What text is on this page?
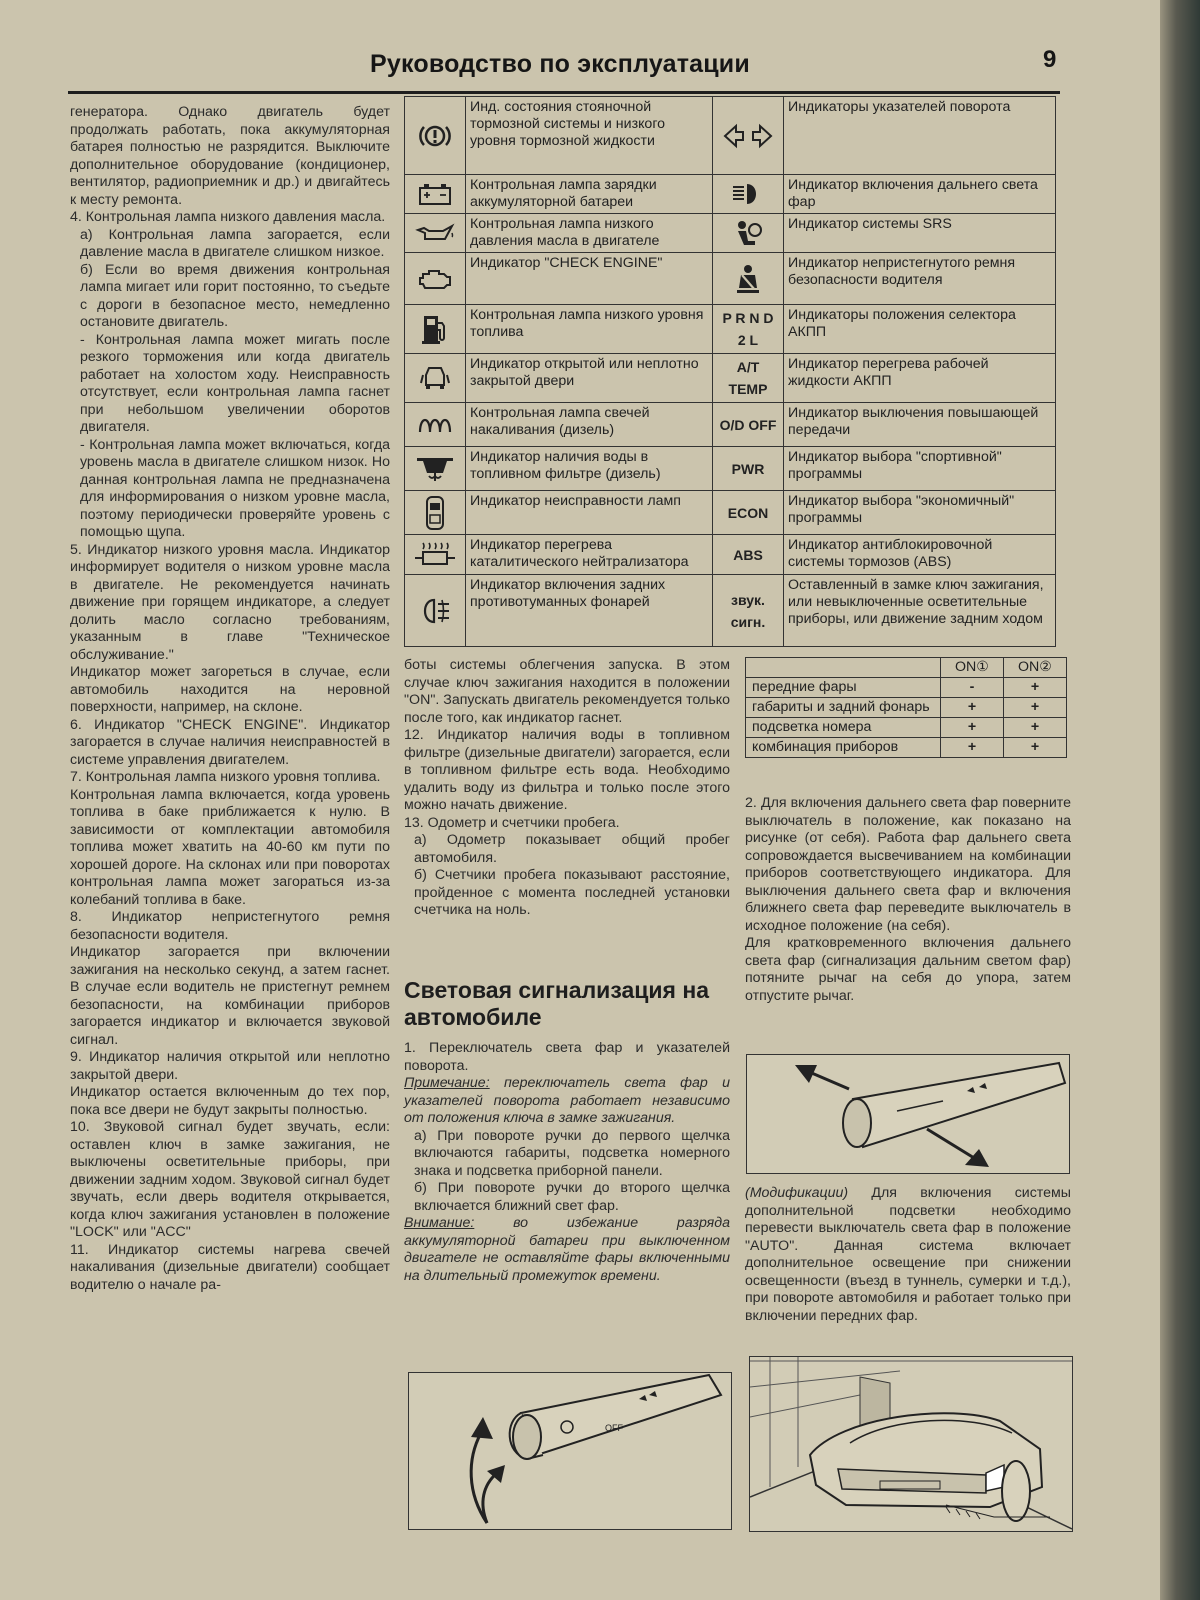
Руководство по эксплуатации	9

генератора. Однако двигатель будет продолжать работать, пока аккумуляторная батарея полностью не разрядится. Выключите дополнительное оборудование (кондиционер, вентилятор, радиоприемник и др.) и двигайтесь к месту ремонта.

4. Контрольная лампа низкого давления масла.

а) Контрольная лампа загорается, если давление масла в двигателе слишком низкое.

б) Если во время движения контрольная лампа мигает или горит постоянно, то съедьте с дороги в безопасное место, немедленно остановите двигатель.

- Контрольная лампа может мигать после резкого торможения или когда двигатель работает на холостом ходу. Неисправность отсутствует, если контрольная лампа гаснет при небольшом увеличении оборотов двигателя.

- Контрольная лампа может включаться, когда уровень масла в двигателе слишком низок. Но данная контрольная лампа не предназначена для информирования о низком уровне масла, поэтому периодически проверяйте уровень с помощью щупа.

5. Индикатор низкого уровня масла. Индикатор информирует водителя о низком уровне масла в двигателе. Не рекомендуется начинать движение при горящем индикаторе, а следует долить масло согласно требованиям, указанным в главе "Техническое обслуживание."

Индикатор может загореться в случае, если автомобиль находится на неровной поверхности, например, на склоне.

6. Индикатор "CHECK ENGINE". Индикатор загорается в случае наличия неисправностей в системе управления двигателем.

7. Контрольная лампа низкого уровня топлива.

Контрольная лампа включается, когда уровень топлива в баке приближается к нулю. В зависимости от комплектации автомобиля топлива может хватить на 40-60 км пути по хорошей дороге. На склонах или при поворотах контрольная лампа может загораться из-за колебаний топлива в баке.

8. Индикатор непристегнутого ремня безопасности водителя.

Индикатор загорается при включении зажигания на несколько секунд, а затем гаснет. В случае если водитель не пристегнут ремнем безопасности, на комбинации приборов загорается индикатор и включается звуковой сигнал.

9. Индикатор наличия открытой или неплотно закрытой двери.

Индикатор остается включенным до тех пор, пока все двери не будут закрыты полностью.

10. Звуковой сигнал будет звучать, если: оставлен ключ в замке зажигания, не выключены осветительные приборы, при движении задним ходом. Звуковой сигнал будет звучать, если дверь водителя открывается, когда ключ зажигания установлен в положение "LOCK" или "ACC"

11. Индикатор системы нагрева свечей накаливания (дизельные двигатели) сообщает водителю о начале ра-

	Инд. состояния стояночной тормозной системы и низкого уровня тормозной жидкости		Индикаторы указателей поворота

	Контрольная лампа зарядки аккумуляторной батареи		Индикатор включения дальнего света фар

	Контрольная лампа низкого давления масла в двигателе		Индикатор системы SRS

	Индикатор "CHECK ENGINE"		Индикатор непристегнутого ремня безопасности водителя

	Контрольная лампа низкого уровня топлива	P R N D 2 L	Индикаторы положения селектора АКПП

	Индикатор открытой или неплотно закрытой двери	A/T TEMP	Индикатор перегрева рабочей жидкости АКПП

	Контрольная лампа свечей накаливания (дизель)	O/D OFF	Индикатор выключения повышающей передачи

	Индикатор наличия воды в топливном фильтре (дизель)	PWR	Индикатор выбора "спортивной" программы

	Индикатор неисправности ламп	ECON	Индикатор выбора "экономичный" программы

	Индикатор перегрева каталитического нейтрализатора	ABS	Индикатор антиблокировочной системы тормозов (ABS)

	Индикатор включения задних противотуманных фонарей	звук. сигн.	Оставленный в замке ключ зажигания, или невыключенные осветительные приборы, или движение задним ходом

боты системы облегчения запуска. В этом случае ключ зажигания находится в положении "ON". Запускать двигатель рекомендуется только после того, как индикатор гаснет.

12. Индикатор наличия воды в топливном фильтре (дизельные двигатели) загорается, если в топливном фильтре есть вода. Необходимо удалить воду из фильтра и только после этого можно начать движение.

13. Одометр и счетчики пробега.

а) Одометр показывает общий пробег автомобиля.

б) Счетчики пробега показывают расстояние, пройденное с момента последней установки счетчика на ноль.

Световая сигнализация на автомобиле

1. Переключатель света фар и указателей поворота.

Примечание: переключатель света фар и указателей поворота работает независимо от положения ключа в замке зажигания.

а) При повороте ручки до первого щелчка включаются габариты, подсветка номерного знака и подсветка приборной панели.

б) При повороте ручки до второго щелчка включается ближний свет фар.

Внимание: во избежание разряда аккумуляторной батареи при выключенном двигателе не оставляйте фары включенными на длительный промежуток времени.

OFF
	ON①	ON②
передние фары	-	+
габариты и задний фонарь	+	+
подсветка номера	+	+
комбинация приборов	+	+

2. Для включения дальнего света фар поверните выключатель в положение, как показано на рисунке (от себя). Работа фар дальнего света сопровождается высвечиванием на комбинации приборов соответствующего индикатора. Для выключения дальнего света фар и включения ближнего света фар переведите выключатель в исходное положение (на себя).

Для кратковременного включения дальнего света фар (сигнализация дальним светом фар) потяните рычаг на себя до упора, затем отпустите рычаг.

(Модификации) Для включения системы дополнительной подсветки необходимо перевести выключатель света фар в положение "AUTO". Данная система включает дополнительное освещение при снижении освещенности (въезд в туннель, сумерки и т.д.), при повороте автомобиля и работает только при включении передних фар.
